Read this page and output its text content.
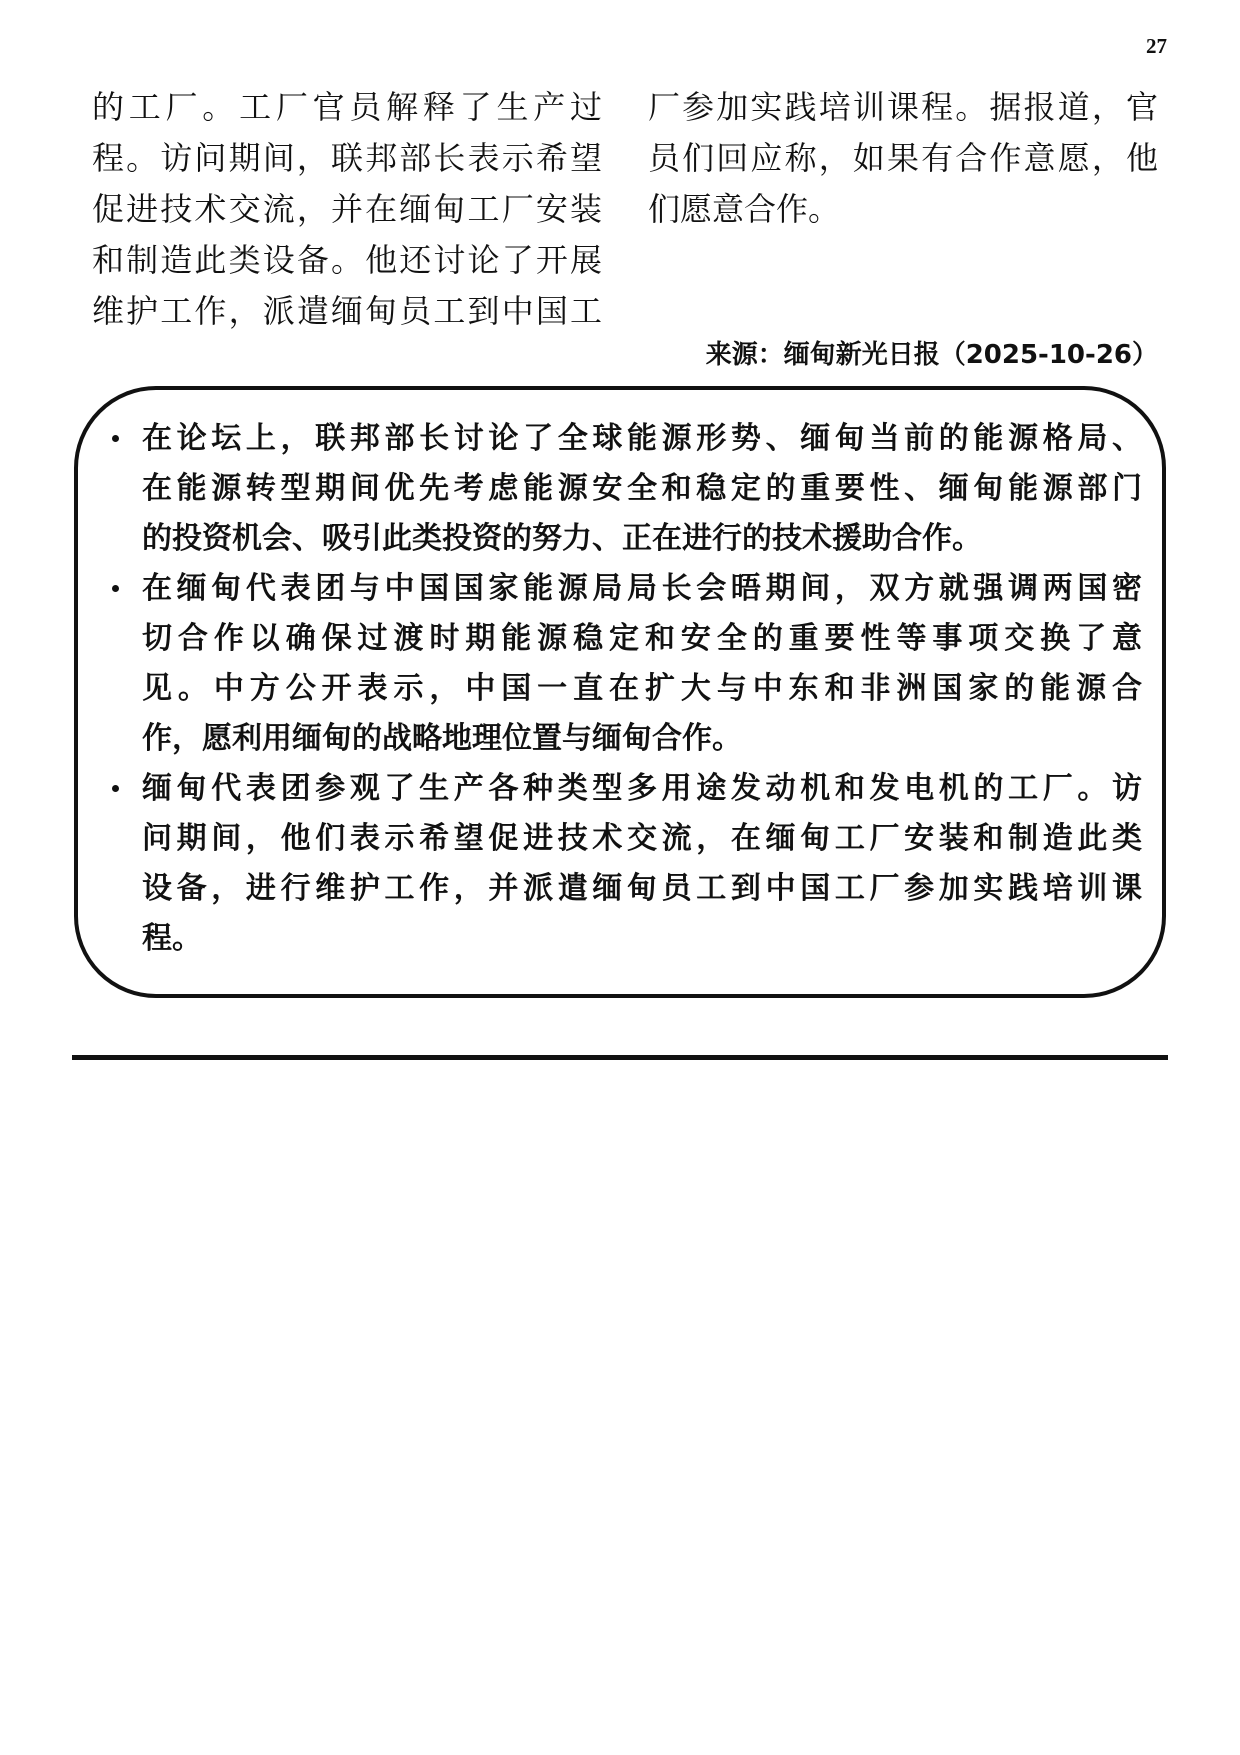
27
的工厂。工厂官员解释了生产过
程。访问期间，联邦部长表示希望
促进技术交流，并在缅甸工厂安装
和制造此类设备。他还讨论了开展
维护工作，派遣缅甸员工到中国工
厂参加实践培训课程。据报道，官
员们回应称，如果有合作意愿，他
们愿意合作。
来源：缅甸新光日报（2025-10-26）
在论坛上，联邦部长讨论了全球能源形势、缅甸当前的能源格局、
在能源转型期间优先考虑能源安全和稳定的重要性、缅甸能源部门
的投资机会、吸引此类投资的努力、正在进行的技术援助合作。
在缅甸代表团与中国国家能源局局长会晤期间，双方就强调两国密
切合作以确保过渡时期能源稳定和安全的重要性等事项交换了意
见。中方公开表示，中国一直在扩大与中东和非洲国家的能源合
作，愿利用缅甸的战略地理位置与缅甸合作。
缅甸代表团参观了生产各种类型多用途发动机和发电机的工厂。访
问期间，他们表示希望促进技术交流，在缅甸工厂安装和制造此类
设备，进行维护工作，并派遣缅甸员工到中国工厂参加实践培训课
程。
